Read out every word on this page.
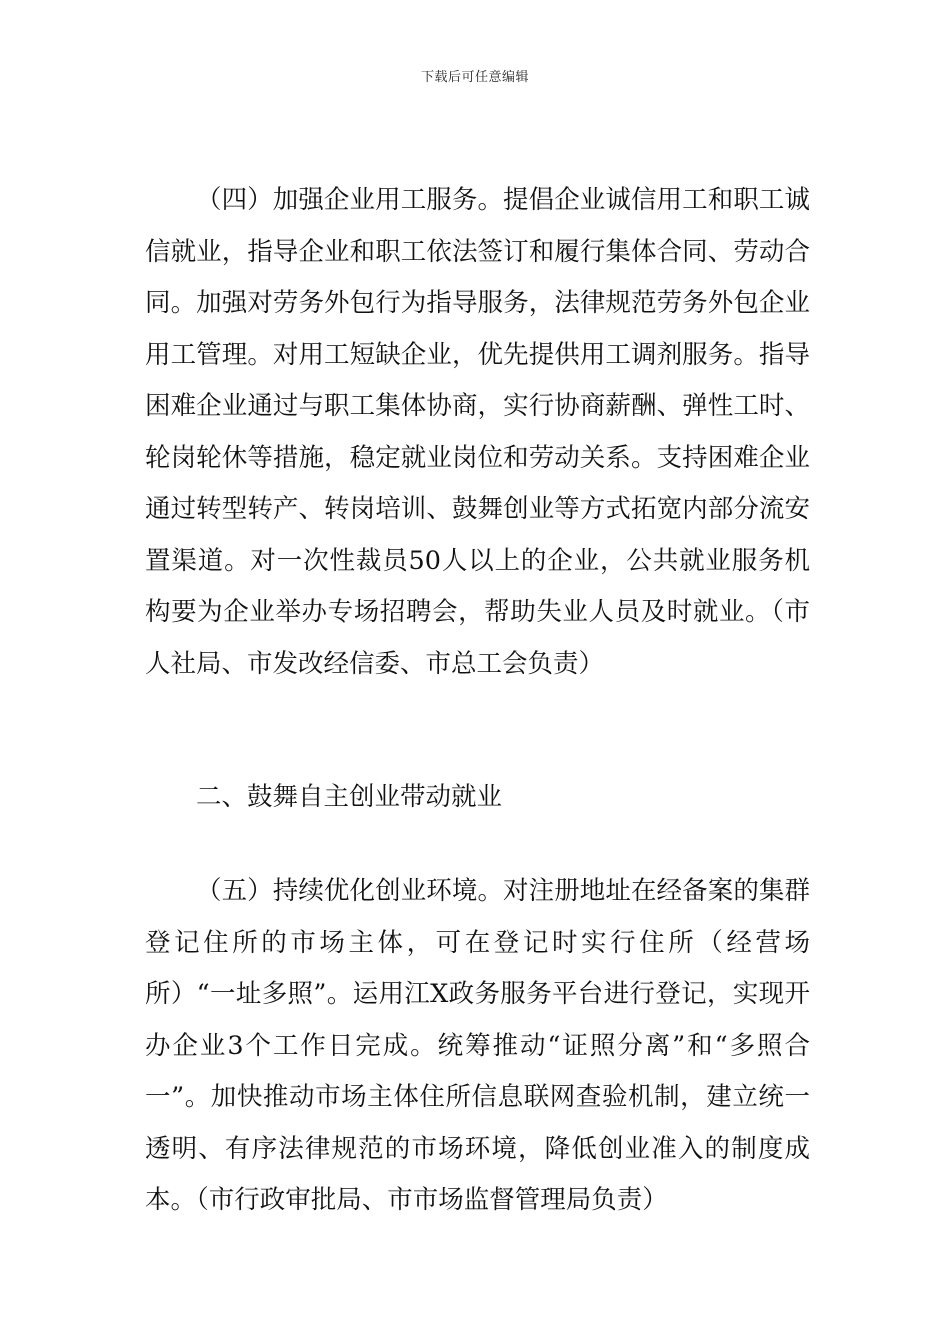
下载后可任意编辑

（四）加强企业用工服务。提倡企业诚信用工和职工诚信就业，指导企业和职工依法签订和履行集体合同、劳动合同。加强对劳务外包行为指导服务，法律规范劳务外包企业用工管理。对用工短缺企业，优先提供用工调剂服务。指导困难企业通过与职工集体协商，实行协商薪酬、弹性工时、轮岗轮休等措施，稳定就业岗位和劳动关系。支持困难企业通过转型转产、转岗培训、鼓舞创业等方式拓宽内部分流安置渠道。对一次性裁员50人以上的企业，公共就业服务机构要为企业举办专场招聘会，帮助失业人员及时就业。（市人社局、市发改经信委、市总工会负责）

二、鼓舞自主创业带动就业

（五）持续优化创业环境。对注册地址在经备案的集群登记住所的市场主体，可在登记时实行住所（经营场所）“一址多照”。运用江X政务服务平台进行登记，实现开办企业3个工作日完成。统筹推动“证照分离”和“多照合一”。加快推动市场主体住所信息联网查验机制，建立统一透明、有序法律规范的市场环境，降低创业准入的制度成本。（市行政审批局、市市场监督管理局负责）
